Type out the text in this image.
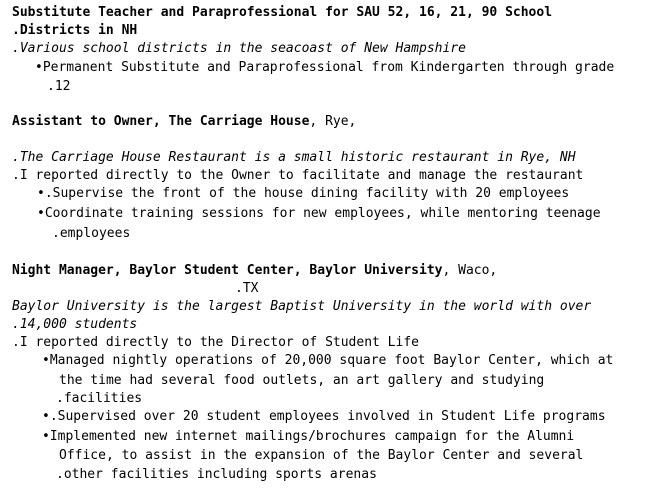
Substitute Teacher and Paraprofessional for SAU 52, 16, 21, 90 School
.Districts in NH
.Various school districts in the seacoast of New Hampshire
•Permanent Substitute and Paraprofessional from Kindergarten through grade
.12
Assistant to Owner, The Carriage House, Rye,
.The Carriage House Restaurant is a small historic restaurant in Rye, NH
.I reported directly to the Owner to facilitate and manage the restaurant
•.Supervise the front of the house dining facility with 20 employees
•Coordinate training sessions for new employees, while mentoring teenage
.employees
Night Manager, Baylor Student Center, Baylor University, Waco,
.TX
Baylor University is the largest Baptist University in the world with over
.14,000 students
.I reported directly to the Director of Student Life
•Managed nightly operations of 20,000 square foot Baylor Center, which at
the time had several food outlets, an art gallery and studying
.facilities
•.Supervised over 20 student employees involved in Student Life programs
•Implemented new internet mailings/brochures campaign for the Alumni
Office, to assist in the expansion of the Baylor Center and several
.other facilities including sports arenas
